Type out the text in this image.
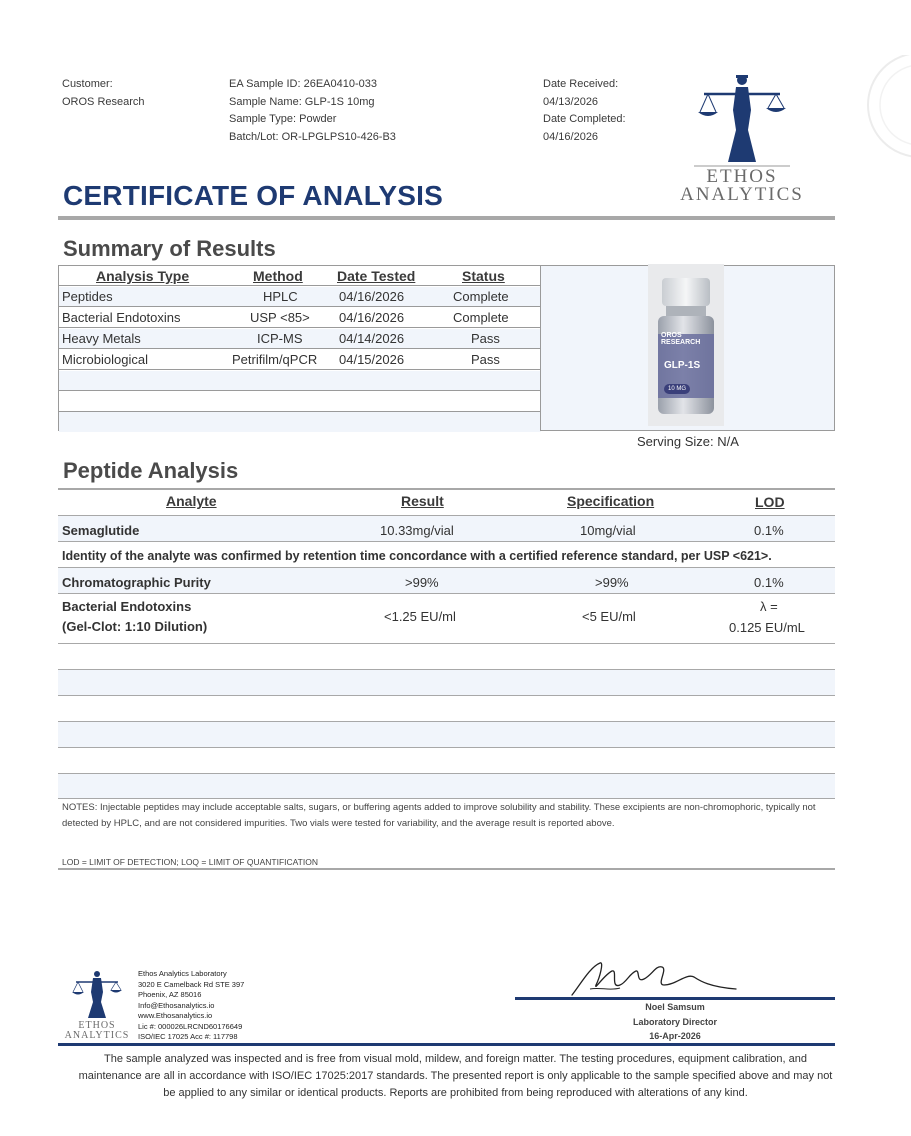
Customer:
OROS Research
EA Sample ID: 26EA0410-033
Sample Name: GLP-1S 10mg
Sample Type: Powder
Batch/Lot: OR-LPGLPS10-426-B3
Date Received:
04/13/2026
Date Completed:
04/16/2026
ETHOS
ANALYTICS
CERTIFICATE OF ANALYSIS
Summary of Results
Analysis Type	Method Date Tested	Status
Peptides	HPLC	04/16/2026	Complete
Bacterial Endotoxins	USP <85> 04/16/2026	Complete
Heavy Metals	ICP-MS	04/14/2026	Pass
Microbiological	Petrifilm/qPCR 04/15/2026	Pass
OROS RESEARCH
GLP-1S
10 MG
Serving Size: N/A
Peptide Analysis
Analyte	Result	Specification	LOD
Semaglutide	10.33mg/vial	10mg/vial	0.1%
Identity of the analyte was confirmed by retention time concordance with a certified reference standard, per USP <621>.
Chromatographic Purity	>99%	>99%	0.1%
Bacterial Endotoxins
(Gel-Clot: 1:10 Dilution)
<1.25 EU/ml	<5 EU/ml
λ =
0.125 EU/mL
NOTES: Injectable peptides may include acceptable salts, sugars, or buffering agents added to improve solubility and stability. These excipients are non-chromophoric, typically not detected by HPLC, and are not considered impurities. Two vials were tested for variability, and the average result is reported above.
LOD = LIMIT OF DETECTION; LOQ = LIMIT OF QUANTIFICATION
ETHOS
ANALYTICS
Ethos Analytics Laboratory
3020 E Camelback Rd STE 397
Phoenix, AZ 85016
Info@Ethosanalytics.io
www.Ethosanalytics.io
Lic #: 000026LRCND60176649
ISO/IEC 17025 Acc #: 117798
Noel Samsum
Laboratory Director
16-Apr-2026
The sample analyzed was inspected and is free from visual mold, mildew, and foreign matter. The testing procedures, equipment calibration, and
maintenance are all in accordance with ISO/IEC 17025:2017 standards. The presented report is only applicable to the sample specified above and may not
be applied to any similar or identical products. Reports are prohibited from being reproduced with alterations of any kind.
